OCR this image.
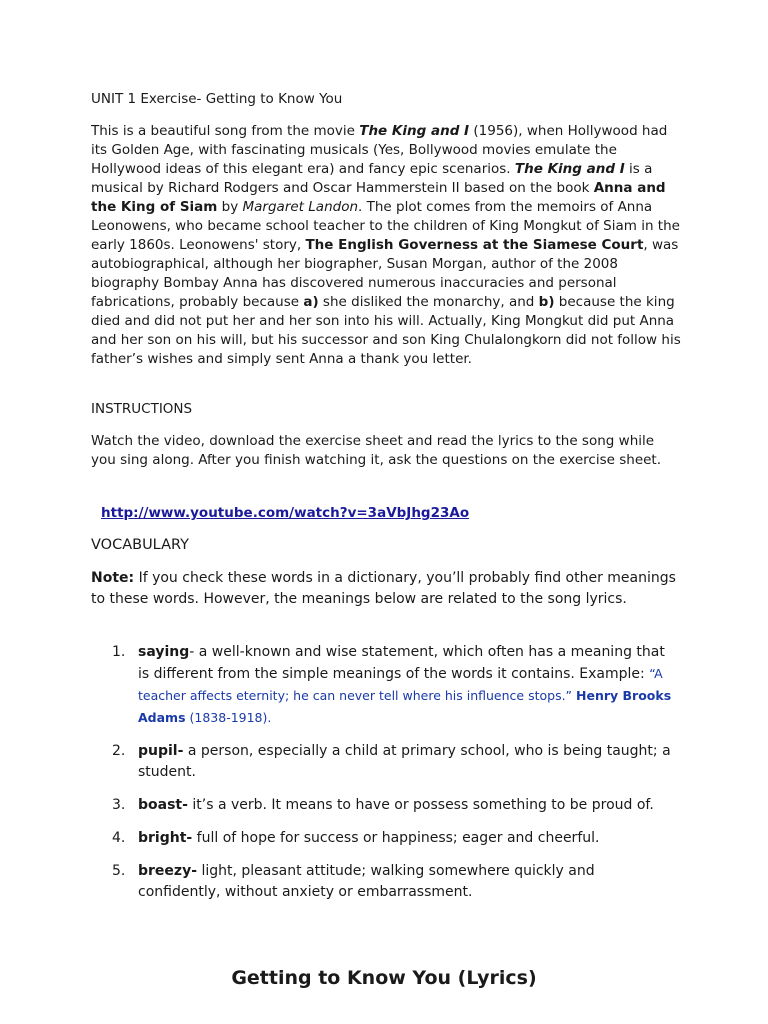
UNIT 1 Exercise- Getting to Know You
This is a beautiful song from the movie The King and I (1956), when Hollywood had its Golden Age, with fascinating musicals (Yes, Bollywood movies emulate the Hollywood ideas of this elegant era) and fancy epic scenarios. The King and I is a musical by Richard Rodgers and Oscar Hammerstein II based on the book Anna and the King of Siam by Margaret Landon. The plot comes from the memoirs of Anna Leonowens, who became school teacher to the children of King Mongkut of Siam in the early 1860s. Leonowens' story, The English Governess at the Siamese Court, was autobiographical, although her biographer, Susan Morgan, author of the 2008 biography Bombay Anna has discovered numerous inaccuracies and personal fabrications, probably because a) she disliked the monarchy, and b) because the king died and did not put her and her son into his will. Actually, King Mongkut did put Anna and her son on his will, but his successor and son King Chulalongkorn did not follow his father’s wishes and simply sent Anna a thank you letter.
INSTRUCTIONS
Watch the video, download the exercise sheet and read the lyrics to the song while you sing along. After you finish watching it, ask the questions on the exercise sheet.
http://www.youtube.com/watch?v=3aVbJhg23Ao
VOCABULARY
Note: If you check these words in a dictionary, you’ll probably find other meanings to these words. However, the meanings below are related to the song lyrics.
1. saying- a well-known and wise statement, which often has a meaning that is different from the simple meanings of the words it contains. Example: “A teacher affects eternity; he can never tell where his influence stops.” Henry Brooks Adams (1838-1918).
2. pupil- a person, especially a child at primary school, who is being taught; a student.
3. boast- it’s a verb. It means to have or possess something to be proud of.
4. bright- full of hope for success or happiness; eager and cheerful.
5. breezy- light, pleasant attitude; walking somewhere quickly and confidently, without anxiety or embarrassment.
Getting to Know You (Lyrics)
